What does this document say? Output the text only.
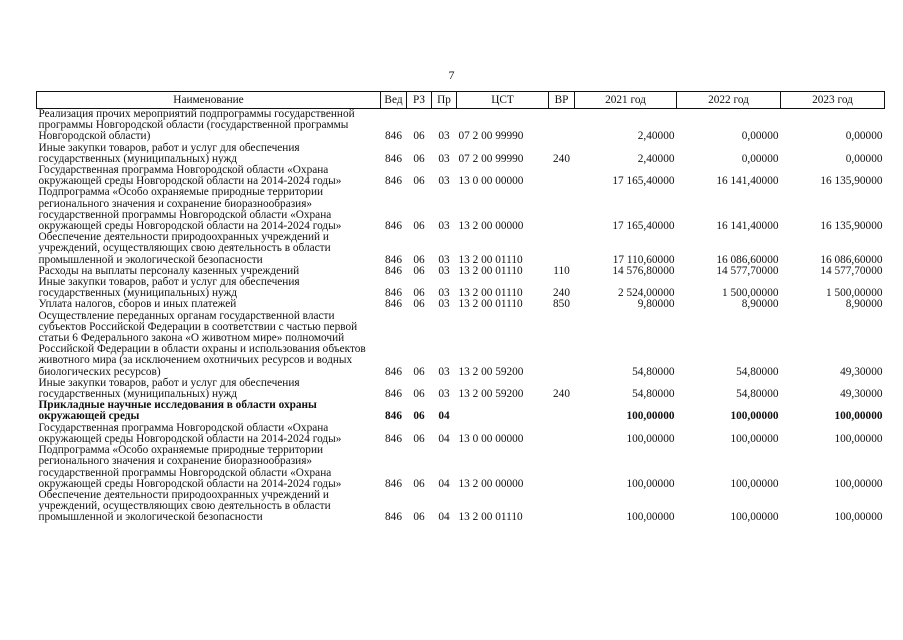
7
Наименование	Вед	РЗ	Пр	ЦСТ	ВР	2021 год	2022 год	2023 год
Реализация прочих мероприятий подпрограммы государственной программы Новгородской области (государственной программы Новгородской области)	846	06	03	07 2 00 99990		2,40000	0,00000	0,00000
Иные закупки товаров, работ и услуг для обеспечения государственных (муниципальных) нужд	846	06	03	07 2 00 99990	240	2,40000	0,00000	0,00000
Государственная программа Новгородской области «Охрана окружающей среды Новгородской области на 2014-2024 годы»	846	06	03	13 0 00 00000		17 165,40000	16 141,40000	16 135,90000
Подпрограмма «Особо охраняемые природные территории регионального значения и сохранение биоразнообразия» государственной программы Новгородской области «Охрана окружающей среды Новгородской области на 2014-2024 годы»	846	06	03	13 2 00 00000		17 165,40000	16 141,40000	16 135,90000
Обеспечение деятельности природоохранных учреждений и учреждений, осуществляющих свою деятельность в области промышленной и экологической безопасности	846	06	03	13 2 00 01110		17 110,60000	16 086,60000	16 086,60000
Расходы на выплаты персоналу казенных учреждений	846	06	03	13 2 00 01110	110	14 576,80000	14 577,70000	14 577,70000
Иные закупки товаров, работ и услуг для обеспечения государственных (муниципальных) нужд	846	06	03	13 2 00 01110	240	2 524,00000	1 500,00000	1 500,00000
Уплата налогов, сборов и иных платежей	846	06	03	13 2 00 01110	850	9,80000	8,90000	8,90000
Осуществление переданных органам государственной власти субъектов Российской Федерации в соответствии с частью первой статьи 6 Федерального закона «О животном мире» полномочий Российской Федерации в области охраны и использования объектов животного мира (за исключением охотничьих ресурсов и водных биологических ресурсов)	846	06	03	13 2 00 59200		54,80000	54,80000	49,30000
Иные закупки товаров, работ и услуг для обеспечения государственных (муниципальных) нужд	846	06	03	13 2 00 59200	240	54,80000	54,80000	49,30000
Прикладные научные исследования в области охраны окружающей среды	846	06	04			100,00000	100,00000	100,00000
Государственная программа Новгородской области «Охрана окружающей среды Новгородской области на 2014-2024 годы»	846	06	04	13 0 00 00000		100,00000	100,00000	100,00000
Подпрограмма «Особо охраняемые природные территории регионального значения и сохранение биоразнообразия» государственной программы Новгородской области «Охрана окружающей среды Новгородской области на 2014-2024 годы»	846	06	04	13 2 00 00000		100,00000	100,00000	100,00000
Обеспечение деятельности природоохранных учреждений и учреждений, осуществляющих свою деятельность в области промышленной и экологической безопасности	846	06	04	13 2 00 01110		100,00000	100,00000	100,00000
